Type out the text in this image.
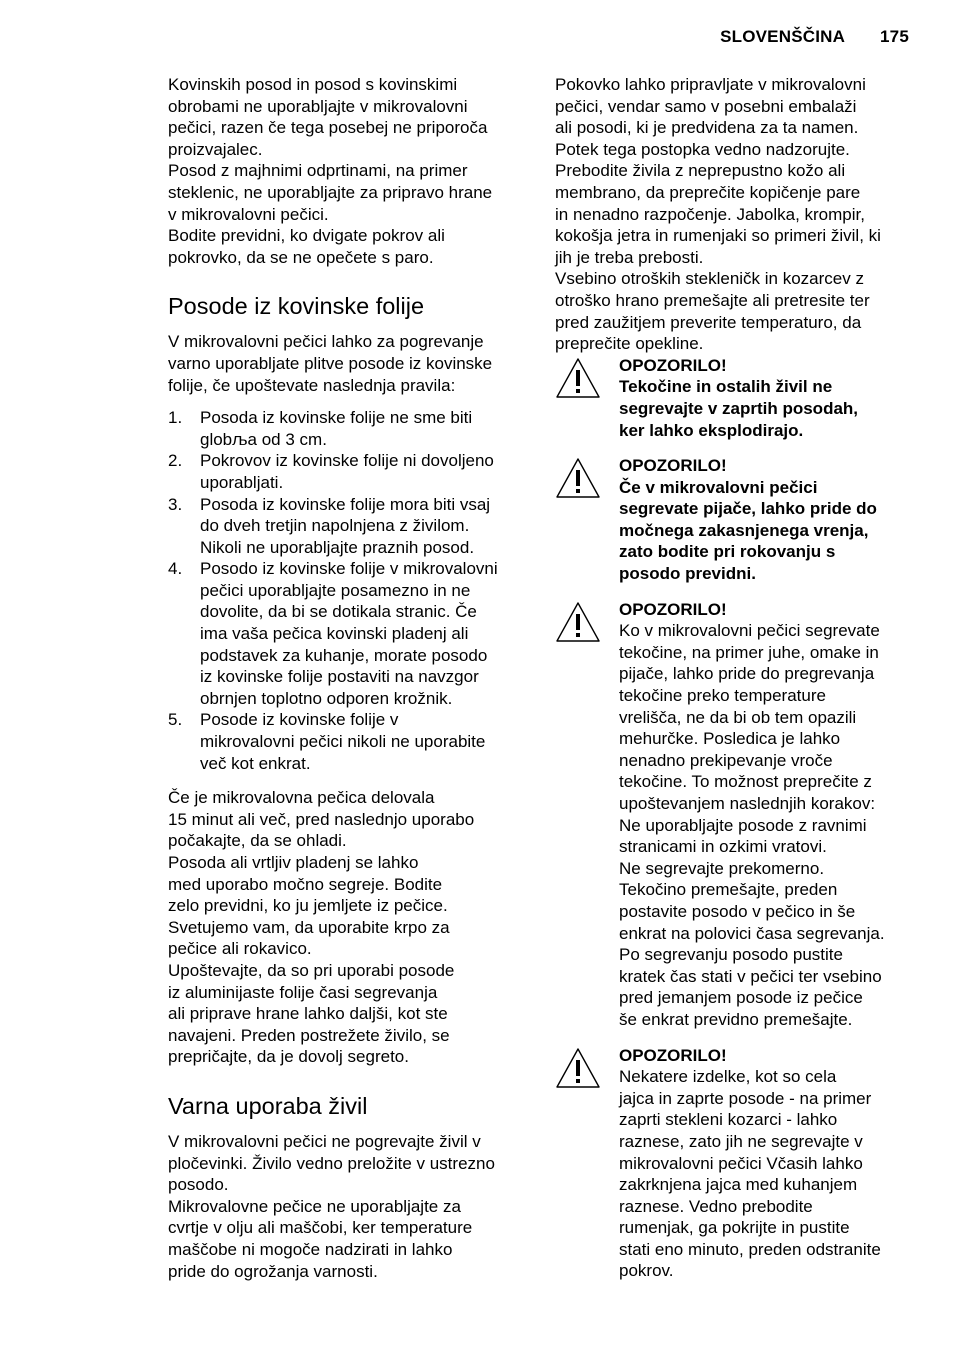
SLOVENŠČINA 175

Kovinskih posod in posod s kovinskimi
obrobami ne uporabljajte v mikrovalovni
pečici, razen če tega posebej ne priporoča
proizvajalec.
Posod z majhnimi odprtinami, na primer
steklenic, ne uporabljajte za pripravo hrane
v mikrovalovni pečici.
Bodite previdni, ko dvigate pokrov ali
pokrovko, da se ne opečete s paro.

Posode iz kovinske folije

V mikrovalovni pečici lahko za pogrevanje
varno uporabljate plitve posode iz kovinske
folije, če upoštevate naslednja pravila:

1. Posoda iz kovinske folije ne sme biti
globља od 3 cm.
2. Pokrovov iz kovinske folije ni dovoljeno
uporabljati.
3. Posoda iz kovinske folije mora biti vsaj
do dveh tretjin napolnjena z živilom.
Nikoli ne uporabljajte praznih posod.
4. Posodo iz kovinske folije v mikrovalovni
pečici uporabljajte posamezno in ne
dovolite, da bi se dotikala stranic. Če
ima vaša pečica kovinski pladenj ali
podstavek za kuhanje, morate posodo
iz kovinske folije postaviti na navzgor
obrnjen toplotno odporen krožnik.
5. Posode iz kovinske folije v
mikrovalovni pečici nikoli ne uporabite
več kot enkrat.

Če je mikrovalovna pečica delovala
15 minut ali več, pred naslednjo uporabo
počakajte, da se ohladi.
Posoda ali vrtljiv pladenj se lahko
med uporabo močno segreje. Bodite
zelo previdni, ko ju jemljete iz pečice.
Svetujemo vam, da uporabite krpo za
pečice ali rokavico.
Upoštevajte, da so pri uporabi posode
iz aluminijaste folije časi segrevanja
ali priprave hrane lahko daljši, kot ste
navajeni. Preden postrežete živilo, se
prepričajte, da je dovolj segreto.

Varna uporaba živil

V mikrovalovni pečici ne pogrevajte živil v
pločevinki. Živilo vedno preložite v ustrezno
posodo.
Mikrovalovne pečice ne uporabljajte za
cvrtje v olju ali maščobi, ker temperature
maščobe ni mogoče nadzirati in lahko
pride do ogrožanja varnosti.

Pokovko lahko pripravljate v mikrovalovni
pečici, vendar samo v posebni embalaži
ali posodi, ki je predvidena za ta namen.
Potek tega postopka vedno nadzorujte.
Prebodite živila z neprepustno kožo ali
membrano, da preprečite kopičenje pare
in nenadno razpočenje. Jabolka, krompir,
kokošja jetra in rumenjaki so primeri živil, ki
jih je treba prebosti.
Vsebino otroških stekleničk in kozarcev z
otroško hrano premešajte ali pretresite ter
pred zaužitjem preverite temperaturo, da
preprečite opekline.

OPOZORILO!
Tekočine in ostalih živil ne
segrevajte v zaprtih posodah,
ker lahko eksplodirajo.
OPOZORILO!
Če v mikrovalovni pečici
segrevate pijače, lahko pride do
močnega zakasnjenega vrenja,
zato bodite pri rokovanju s
posodo previdni.
OPOZORILO!
Ko v mikrovalovni pečici segrevate
tekočine, na primer juhe, omake in
pijače, lahko pride do pregrevanja
tekočine preko temperature
vrelišča, ne da bi ob tem opazili
mehurčke. Posledica je lahko
nenadno prekipevanje vroče
tekočine. To možnost preprečite z
upoštevanjem naslednjih korakov:
Ne uporabljajte posode z ravnimi
stranicami in ozkimi vratovi.
Ne segrevajte prekomerno.
Tekočino premešajte, preden
postavite posodo v pečico in še
enkrat na polovici časa segrevanja.
Po segrevanju posodo pustite
kratek čas stati v pečici ter vsebino
pred jemanjem posode iz pečice
še enkrat previdno premešajte.
OPOZORILO!
Nekatere izdelke, kot so cela
jajca in zaprte posode - na primer
zaprti stekleni kozarci - lahko
raznese, zato jih ne segrevajte v
mikrovalovni pečici Včasih lahko
zakrknjena jajca med kuhanjem
raznese. Vedno prebodite
rumenjak, ga pokrijte in pustite
stati eno minuto, preden odstranite
pokrov.
